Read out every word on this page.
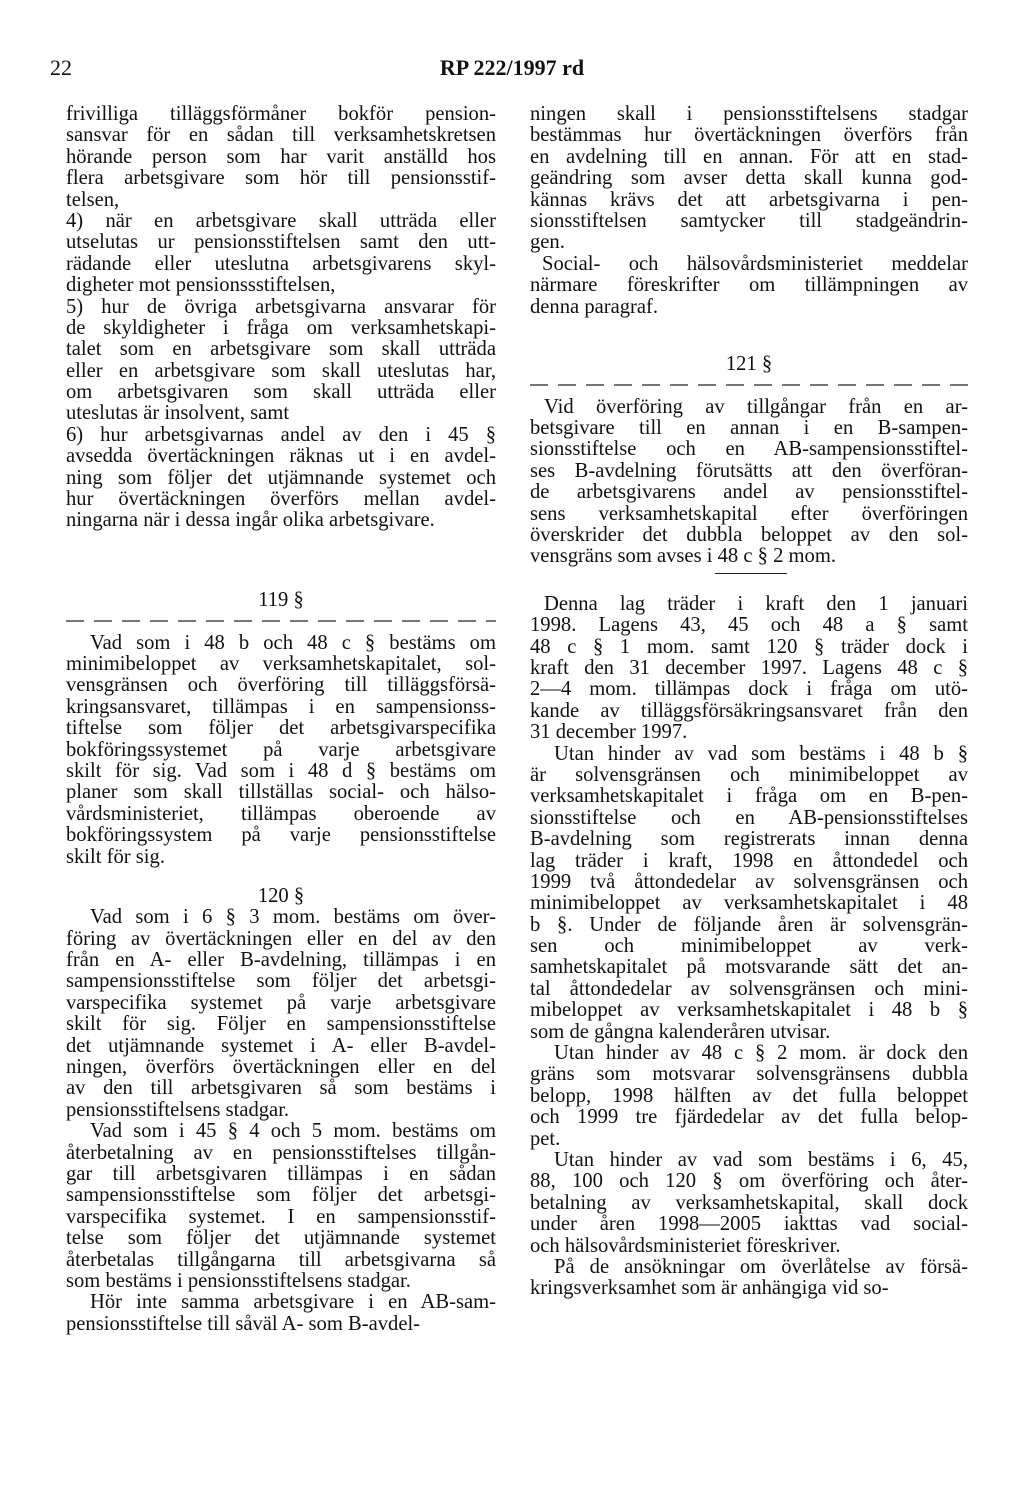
22	RP 222/1997 rd
frivilliga tilläggsförmåner bokför pension-
sansvar för en sådan till verksamhetskretsen
hörande person som har varit anställd hos
flera arbetsgivare som hör till pensionsstif-
telsen,
4) när en arbetsgivare skall utträda eller
utselutas ur pensionsstiftelsen samt den utt-
rädande eller uteslutna arbetsgivarens skyl-
digheter mot pensionssstiftelsen,
5) hur de övriga arbetsgivarna ansvarar för
de skyldigheter i fråga om verksamhetskapi-
talet som en arbetsgivare som skall utträda
eller en arbetsgivare som skall uteslutas har,
om arbetsgivaren som skall utträda eller
uteslutas är insolvent, samt
6) hur arbetsgivarnas andel av den i 45 §
avsedda övertäckningen räknas ut i en avdel-
ning som följer det utjämnande systemet och
hur övertäckningen överförs mellan avdel-
ningarna när i dessa ingår olika arbetsgivare.
119 §
Vad som i 48 b och 48 c § bestäms om
minimibeloppet av verksamhetskapitalet, sol-
vensgränsen och överföring till tilläggsförsä-
kringsansvaret, tillämpas i en sampensionss-
tiftelse som följer det arbetsgivarspecifika
bokföringssystemet på varje arbetsgivare
skilt för sig. Vad som i 48 d § bestäms om
planer som skall tillställas social- och hälso-
vårdsministeriet, tillämpas oberoende av
bokföringssystem på varje pensionsstiftelse
skilt för sig.
120 §
Vad som i 6 § 3 mom. bestäms om över-
föring av övertäckningen eller en del av den
från en A- eller B-avdelning, tillämpas i en
sampensionsstiftelse som följer det arbetsgi-
varspecifika systemet på varje arbetsgivare
skilt för sig. Följer en sampensionsstiftelse
det utjämnande systemet i A- eller B-avdel-
ningen, överförs övertäckningen eller en del
av den till arbetsgivaren så som bestäms i
pensionsstiftelsens stadgar.
Vad som i 45 § 4 och 5 mom. bestäms om
återbetalning av en pensionsstiftelses tillgån-
gar till arbetsgivaren tillämpas i en sådan
sampensionsstiftelse som följer det arbetsgi-
varspecifika systemet. I en sampensionsstif-
telse som följer det utjämnande systemet
återbetalas tillgångarna till arbetsgivarna så
som bestäms i pensionsstiftelsens stadgar.
Hör inte samma arbetsgivare i en AB-sam-
pensionsstiftelse till såväl A- som B-avdel-
ningen skall i pensionsstiftelsens stadgar
bestämmas hur övertäckningen överförs från
en avdelning till en annan. För att en stad-
geändring som avser detta skall kunna god-
kännas krävs det att arbetsgivarna i pen-
sionsstiftelsen samtycker till stadgeändrin-
gen.
Social- och hälsovårdsministeriet meddelar
närmare föreskrifter om tillämpningen av
denna paragraf.
121 §
Vid överföring av tillgångar från en ar-
betsgivare till en annan i en B-sampen-
sionsstiftelse och en AB-sampensionsstiftel-
ses B-avdelning förutsätts att den överföran-
de arbetsgivarens andel av pensionsstiftel-
sens verksamhetskapital efter överföringen
överskrider det dubbla beloppet av den sol-
vensgräns som avses i 48 c § 2 mom.
Denna lag träder i kraft den 1 januari
1998. Lagens 43, 45 och 48 a § samt
48 c § 1 mom. samt 120 § träder dock i
kraft den 31 december 1997. Lagens 48 c §
2—4 mom. tillämpas dock i fråga om utö-
kande av tilläggsförsäkringsansvaret från den
31 december 1997.
Utan hinder av vad som bestäms i 48 b §
är solvensgränsen och minimibeloppet av
verksamhetskapitalet i fråga om en B-pen-
sionsstiftelse och en AB-pensionsstiftelses
B-avdelning som registrerats innan denna
lag träder i kraft, 1998 en åttondedel och
1999 två åttondedelar av solvensgränsen och
minimibeloppet av verksamhetskapitalet i 48
b §. Under de följande åren är solvensgrän-
sen och minimibeloppet av verk-
samhetskapitalet på motsvarande sätt det an-
tal åttondedelar av solvensgränsen och mini-
mibeloppet av verksamhetskapitalet i 48 b §
som de gångna kalenderåren utvisar.
Utan hinder av 48 c § 2 mom. är dock den
gräns som motsvarar solvensgränsens dubbla
belopp, 1998 hälften av det fulla beloppet
och 1999 tre fjärdedelar av det fulla belop-
pet.
Utan hinder av vad som bestäms i 6, 45,
88, 100 och 120 § om överföring och åter-
betalning av verksamhetskapital, skall dock
under åren 1998—2005 iakttas vad social-
och hälsovårdsministeriet föreskriver.
På de ansökningar om överlåtelse av försä-
kringsverksamhet som är anhängiga vid so-
